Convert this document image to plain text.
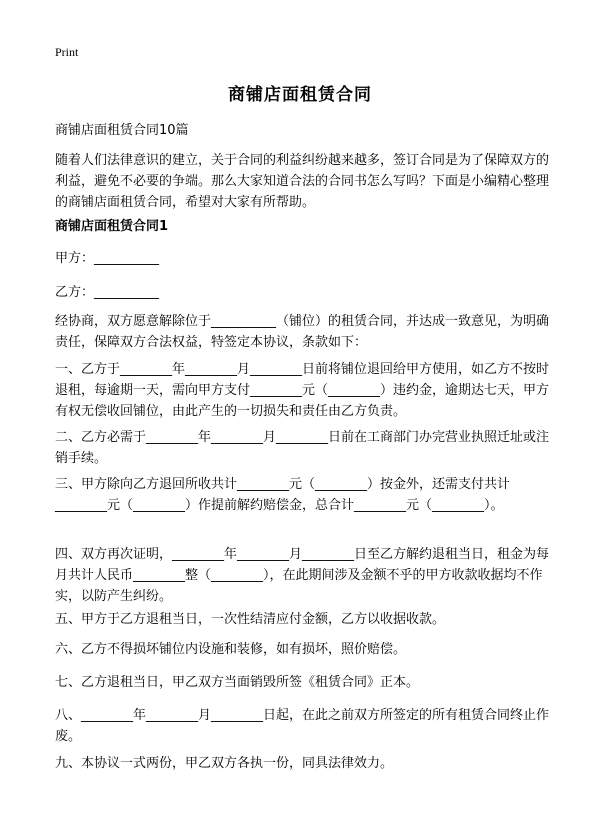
Print
商铺店面租赁合同
商铺店面租赁合同10篇
随着人们法律意识的建立，关于合同的利益纠纷越来越多，签订合同是为了保障双方的利益，避免不必要的争端。那么大家知道合法的合同书怎么写吗？下面是小编精心整理的商铺店面租赁合同，希望对大家有所帮助。
商铺店面租赁合同1
甲方：__________
乙方：__________
经协商，双方愿意解除位于__________（铺位）的租赁合同，并达成一致意见，为明确责任，保障双方合法权益，特签定本协议，条款如下：
一、乙方于________年________月________日前将铺位退回给甲方使用，如乙方不按时退租，每逾期一天，需向甲方支付________元（________）违约金，逾期达七天，甲方有权无偿收回铺位，由此产生的一切损失和责任由乙方负责。
二、乙方必需于________年________月________日前在工商部门办完营业执照迁址或注销手续。
三、甲方除向乙方退回所收共计________元（________）按金外，还需支付共计________元（________）作提前解约赔偿金，总合计________元（________）。
四、双方再次证明，________年________月________日至乙方解约退租当日，租金为每月共计人民币________整（________），在此期间涉及金额不乎的甲方收款收据均不作实，以防产生纠纷。
五、甲方于乙方退租当日，一次性结清应付金额，乙方以收据收款。
六、乙方不得损坏铺位内设施和装修，如有损坏，照价赔偿。
七、乙方退租当日，甲乙双方当面销毁所签《租赁合同》正本。
八、________年________月________日起，在此之前双方所签定的所有租赁合同终止作废。
九、本协议一式两份，甲乙双方各执一份，同具法律效力。
